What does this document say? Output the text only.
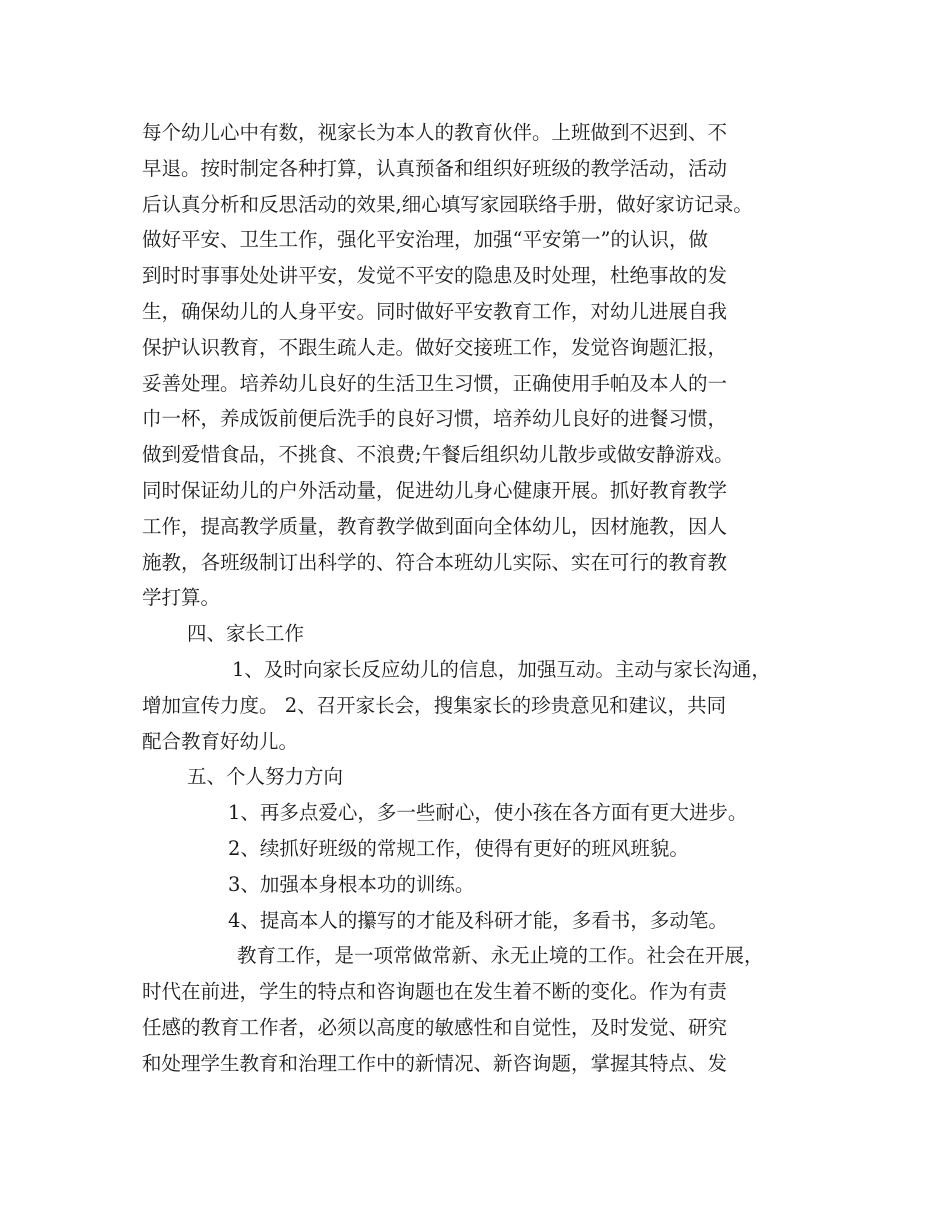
每个幼儿心中有数，视家长为本人的教育伙伴。上班做到不迟到、不
早退。按时制定各种打算，认真预备和组织好班级的教学活动，活动
后认真分析和反思活动的效果,细心填写家园联络手册，做好家访记录。
做好平安、卫生工作，强化平安治理，加强“平安第一”的认识，做
到时时事事处处讲平安，发觉不平安的隐患及时处理，杜绝事故的发
生，确保幼儿的人身平安。同时做好平安教育工作，对幼儿进展自我
保护认识教育，不跟生疏人走。做好交接班工作，发觉咨询题汇报，
妥善处理。培养幼儿良好的生活卫生习惯，正确使用手帕及本人的一
巾一杯，养成饭前便后洗手的良好习惯，培养幼儿良好的进餐习惯，
做到爱惜食品，不挑食、不浪费;午餐后组织幼儿散步或做安静游戏。
同时保证幼儿的户外活动量，促进幼儿身心健康开展。抓好教育教学
工作，提高教学质量，教育教学做到面向全体幼儿，因材施教，因人
施教，各班级制订出科学的、符合本班幼儿实际、实在可行的教育教
学打算。
四、家长工作
1、及时向家长反应幼儿的信息，加强互动。主动与家长沟通，
增加宣传力度。 2、召开家长会，搜集家长的珍贵意见和建议，共同
配合教育好幼儿。
五、个人努力方向
1、再多点爱心，多一些耐心，使小孩在各方面有更大进步。
2、续抓好班级的常规工作，使得有更好的班风班貌。
3、加强本身根本功的训练。
4、提高本人的攥写的才能及科研才能，多看书，多动笔。
教育工作，是一项常做常新、永无止境的工作。社会在开展，
时代在前进，学生的特点和咨询题也在发生着不断的变化。作为有责
任感的教育工作者，必须以高度的敏感性和自觉性，及时发觉、研究
和处理学生教育和治理工作中的新情况、新咨询题，掌握其特点、发
